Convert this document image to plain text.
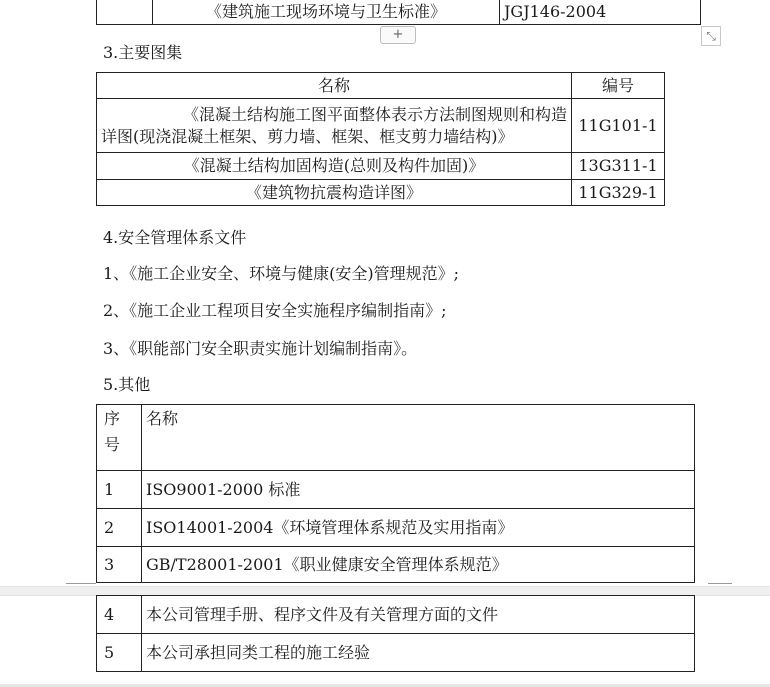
	《建筑施工现场环境与卫生标准》	JGJ146-2004
+	⤡
3.主要图集
名称	编号

《混凝土结构施工图平面整体表示方法制图规则和构造
详图(现浇混凝土框架、剪力墙、框架、框支剪力墙结构)》	11G101-1
《混凝土结构加固构造(总则及构件加固)》	13G311-1
《建筑物抗震构造详图》	11G329-1
4.安全管理体系文件
1、《施工企业安全、环境与健康(安全)管理规范》;
2、《施工企业工程项目安全实施程序编制指南》;
3、《职能部门安全职责实施计划编制指南》。
5.其他
序
号	名称
1	ISO9001-2000 标准
2	ISO14001-2004《环境管理体系规范及实用指南》
3	GB/T28001-2001《职业健康安全管理体系规范》
4	本公司管理手册、程序文件及有关管理方面的文件
5	本公司承担同类工程的施工经验
